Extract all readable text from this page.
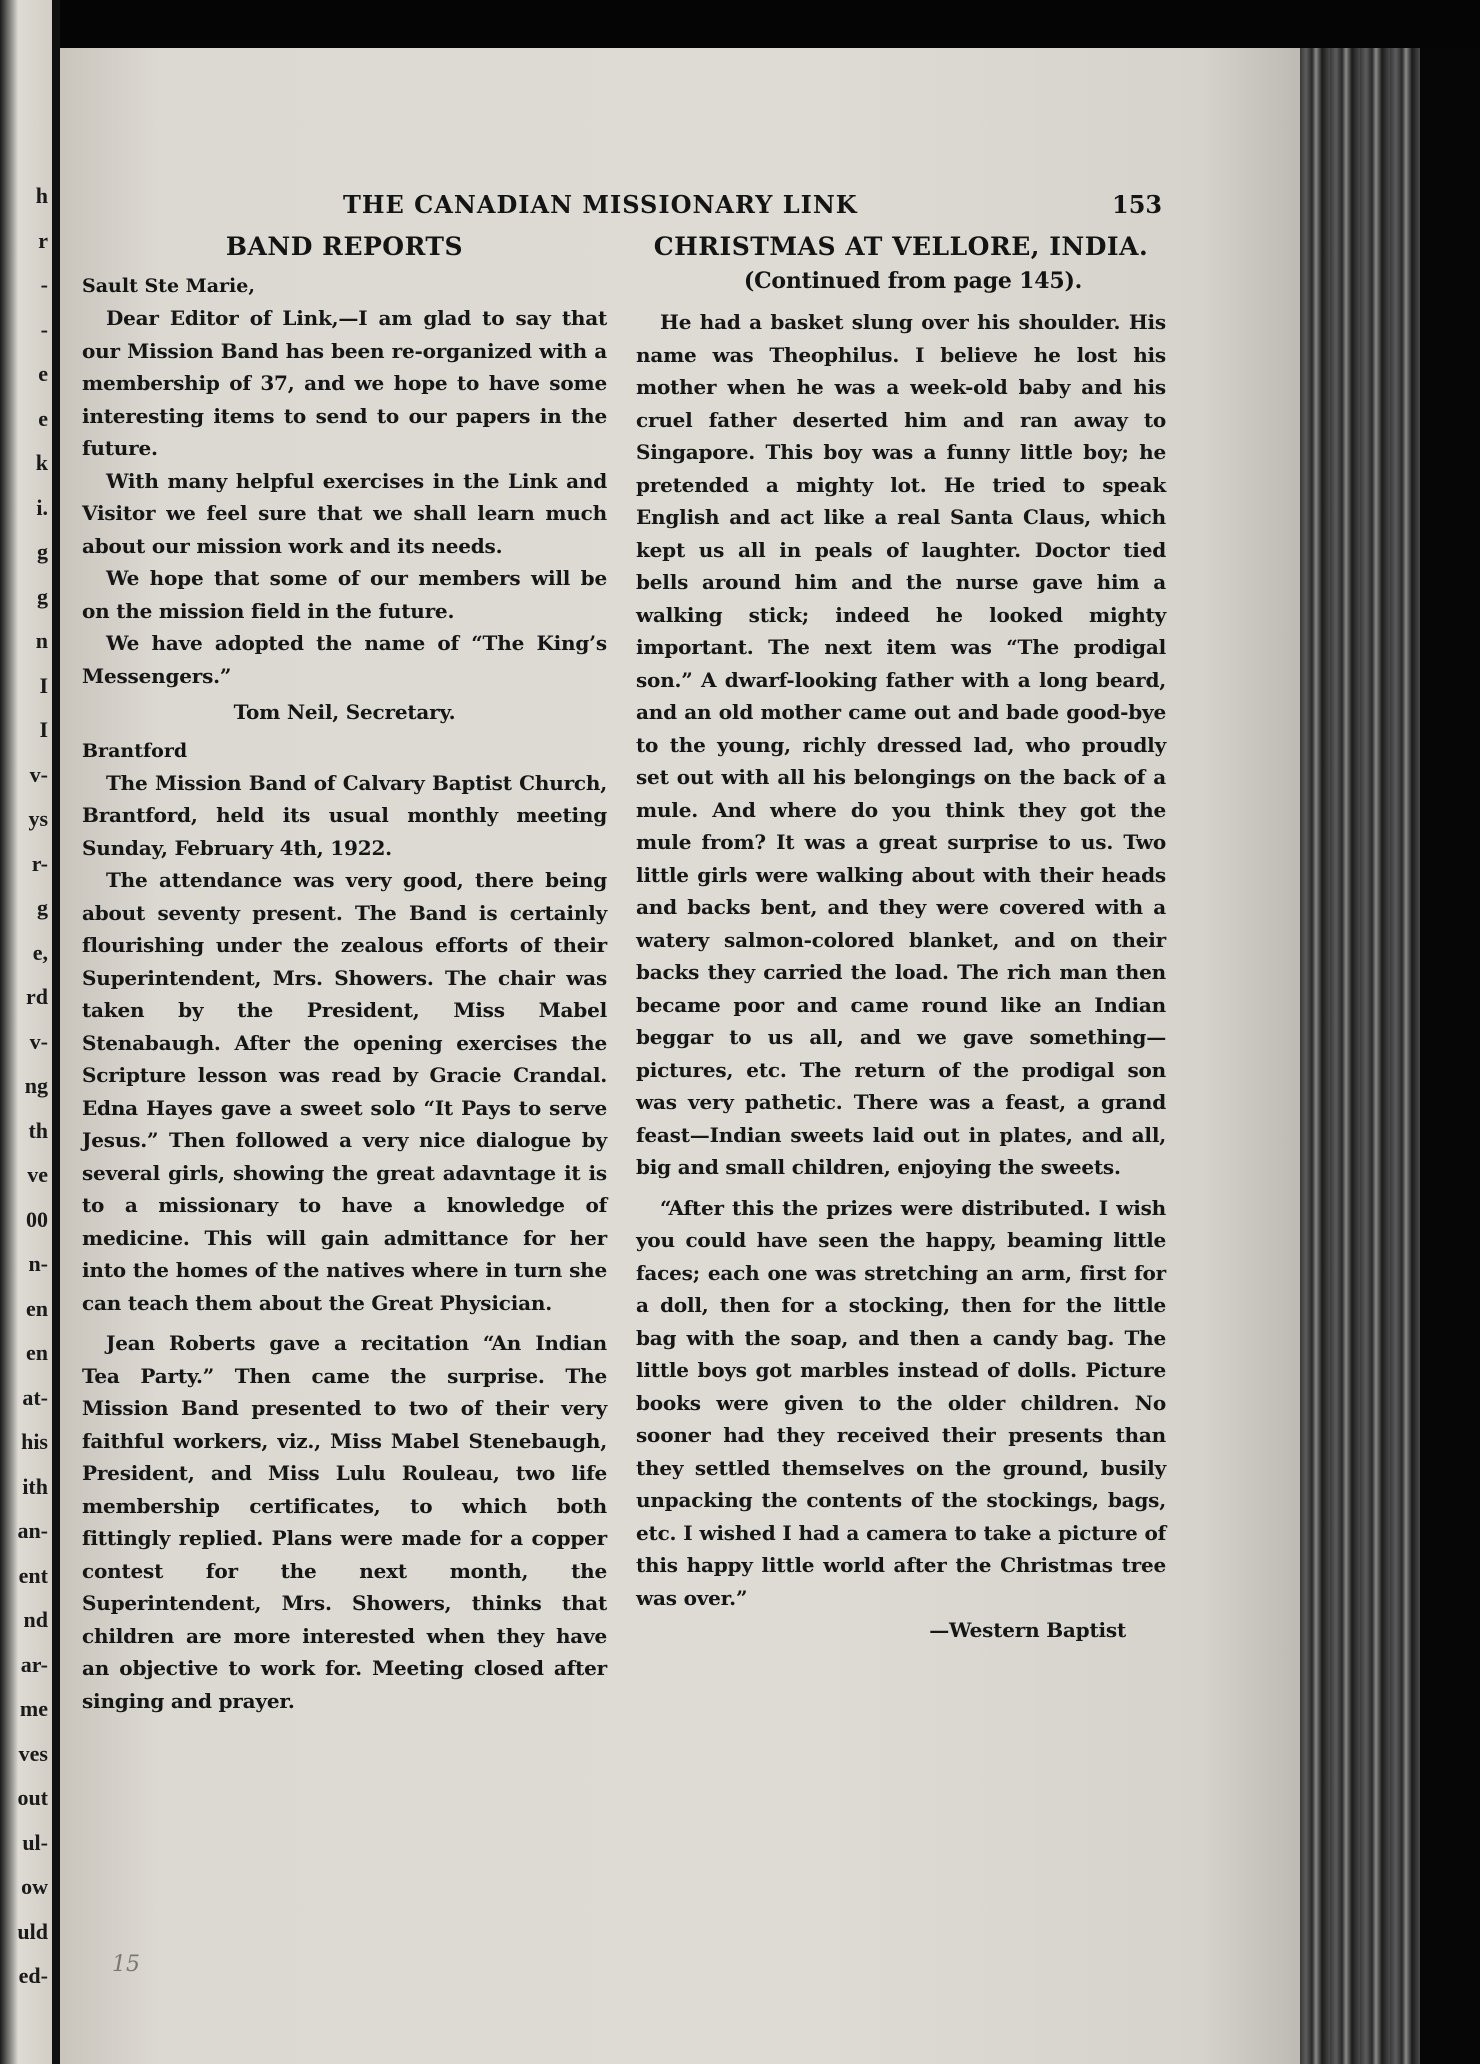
h
r
-
-
e
e
k
i.
g
g
n
I
I
v-
ys
r-
g
e,
rd
v-
ng
th
ve
00
n-
en
en
at-
his
ith
an-
ent
nd
ar-
me
ves
out
ul-
ow
uld
ed-
THE CANADIAN MISSIONARY LINK	153
BAND REPORTS
Sault Ste Marie,

Dear Editor of Link,—I am glad to say that our Mission Band has been re-organized with a membership of 37, and we hope to have some interesting items to send to our papers in the future.

With many helpful exercises in the Link and Visitor we feel sure that we shall learn much about our mission work and its needs.

We hope that some of our members will be on the mission field in the future.

We have adopted the name of “The King’s Messengers.”

Tom Neil, Secretary.

Brantford

The Mission Band of Calvary Baptist Church, Brantford, held its usual monthly meeting Sunday, February 4th, 1922.

The attendance was very good, there being about seventy present. The Band is certainly flourishing under the zealous efforts of their Superintendent, Mrs. Showers. The chair was taken by the President, Miss Mabel Stenabaugh. After the opening exercises the Scripture lesson was read by Gracie Crandal. Edna Hayes gave a sweet solo “It Pays to serve Jesus.” Then followed a very nice dialogue by several girls, showing the great adavntage it is to a missionary to have a knowledge of medicine. This will gain admittance for her into the homes of the natives where in turn she can teach them about the Great Physician.

Jean Roberts gave a recitation “An Indian Tea Party.” Then came the surprise. The Mission Band presented to two of their very faithful workers, viz., Miss Mabel Stenebaugh, President, and Miss Lulu Rouleau, two life membership certificates, to which both fittingly replied. Plans were made for a copper contest for the next month, the Superintendent, Mrs. Showers, thinks that children are more interested when they have an objective to work for. Meeting closed after singing and prayer.

CHRISTMAS AT VELLORE, INDIA.

(Continued from page 145).

He had a basket slung over his shoulder. His name was Theophilus. I believe he lost his mother when he was a week-old baby and his cruel father deserted him and ran away to Singapore. This boy was a funny little boy; he pretended a mighty lot. He tried to speak English and act like a real Santa Claus, which kept us all in peals of laughter. Doctor tied bells around him and the nurse gave him a walking stick; indeed he looked mighty important. The next item was “The prodigal son.” A dwarf-looking father with a long beard, and an old mother came out and bade good-bye to the young, richly dressed lad, who proudly set out with all his belongings on the back of a mule. And where do you think they got the mule from? It was a great surprise to us. Two little girls were walking about with their heads and backs bent, and they were covered with a watery salmon-colored blanket, and on their backs they carried the load. The rich man then became poor and came round like an Indian beggar to us all, and we gave something—pictures, etc. The return of the prodigal son was very pathetic. There was a feast, a grand feast—Indian sweets laid out in plates, and all, big and small children, enjoying the sweets.

“After this the prizes were distributed. I wish you could have seen the happy, beaming little faces; each one was stretching an arm, first for a doll, then for a stocking, then for the little bag with the soap, and then a candy bag. The little boys got marbles instead of dolls. Picture books were given to the older children. No sooner had they received their presents than they settled themselves on the ground, busily unpacking the contents of the stockings, bags, etc. I wished I had a camera to take a picture of this happy little world after the Christmas tree was over.”

—Western Baptist

15
